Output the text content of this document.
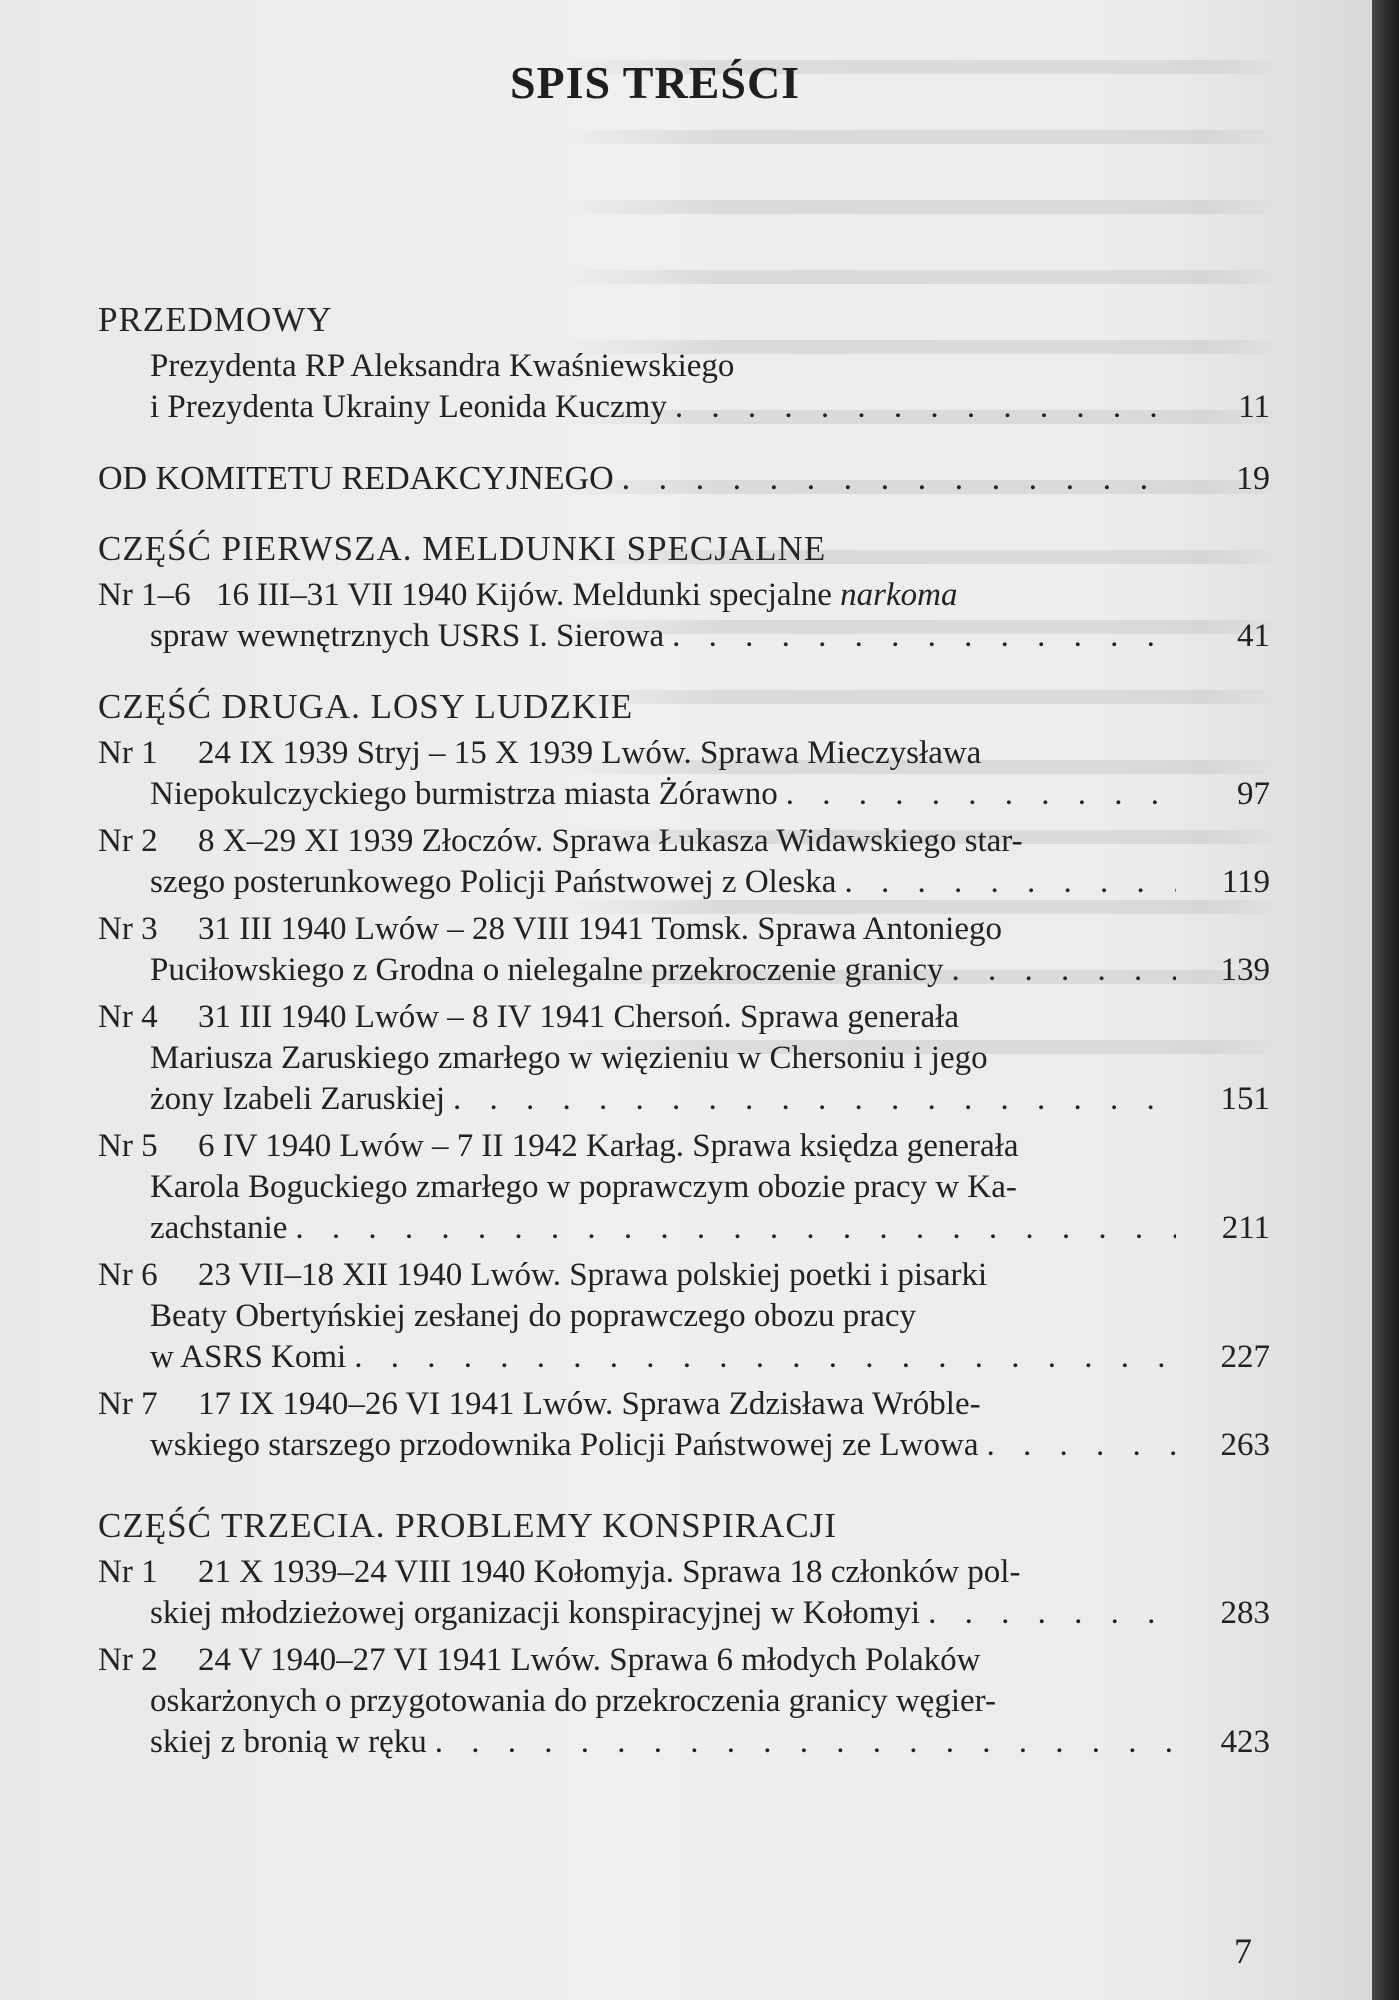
SPIS TREŚCI
PRZEDMOWY
Prezydenta RP Aleksandra Kwaśniewskiego
i Prezydenta Ukrainy Leonida Kuczmy . . .	11
OD KOMITETU REDAKCYJNEGO . . .	19
CZĘŚĆ PIERWSZA. MELDUNKI SPECJALNE
Nr 1–6 16 III–31 VII 1940 Kijów. Meldunki specjalne narkoma
spraw wewnętrznych USRS I. Sierowa . . .	41
CZĘŚĆ DRUGA. LOSY LUDZKIE
Nr 1	24 IX 1939 Stryj – 15 X 1939 Lwów. Sprawa Mieczysława
Niepokulczyckiego burmistrza miasta Żórawno . . .	97
Nr 2	8 X–29 XI 1939 Złoczów. Sprawa Łukasza Widawskiego star-
szego posterunkowego Policji Państwowej z Oleska . . .	119
Nr 3	31 III 1940 Lwów – 28 VIII 1941 Tomsk. Sprawa Antoniego
Puciłowskiego z Grodna o nielegalne przekroczenie granicy . . .	139
Nr 4	31 III 1940 Lwów – 8 IV 1941 Chersoń. Sprawa generała
Mariusza Zaruskiego zmarłego w więzieniu w Chersoniu i jego
żony Izabeli Zaruskiej . . .	151
Nr 5	6 IV 1940 Lwów – 7 II 1942 Karłag. Sprawa księdza generała
Karola Boguckiego zmarłego w poprawczym obozie pracy w Ka-
zachstanie . . .	211
Nr 6	23 VII–18 XII 1940 Lwów. Sprawa polskiej poetki i pisarki
Beaty Obertyńskiej zesłanej do poprawczego obozu pracy
w ASRS Komi . . .	227
Nr 7	17 IX 1940–26 VI 1941 Lwów. Sprawa Zdzisława Wróble-
wskiego starszego przodownika Policji Państwowej ze Lwowa . . .	263
CZĘŚĆ TRZECIA. PROBLEMY KONSPIRACJI
Nr 1	21 X 1939–24 VIII 1940 Kołomyja. Sprawa 18 członków pol-
skiej młodzieżowej organizacji konspiracyjnej w Kołomyi . . .	283
Nr 2	24 V 1940–27 VI 1941 Lwów. Sprawa 6 młodych Polaków
oskarżonych o przygotowania do przekroczenia granicy węgier-
skiej z bronią w ręku . . .	423
7
